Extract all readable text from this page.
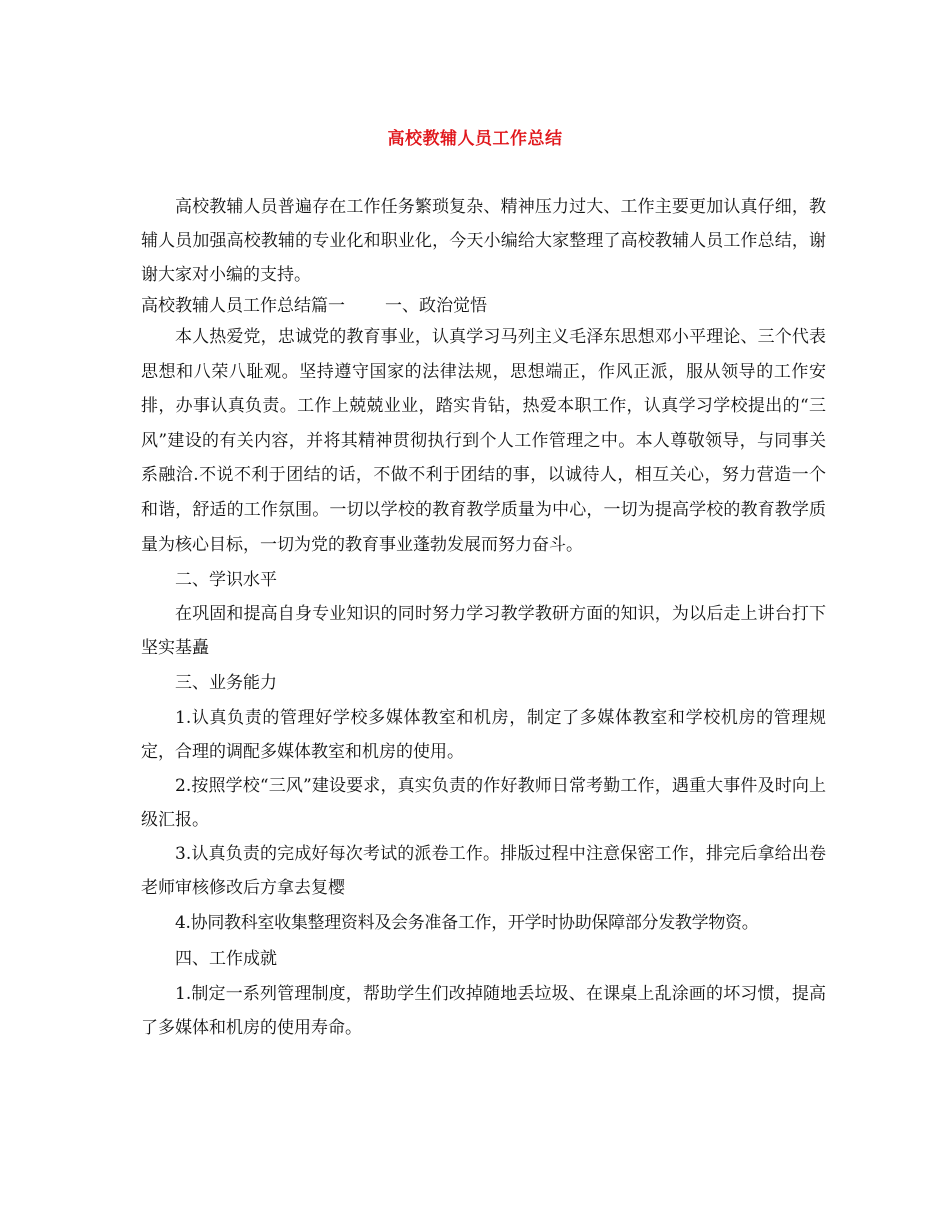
高校教辅人员工作总结

高校教辅人员普遍存在工作任务繁琐复杂、精神压力过大、工作主要更加认真仔细，教辅人员加强高校教辅的专业化和职业化，今天小编给大家整理了高校教辅人员工作总结，谢谢大家对小编的支持。

高校教辅人员工作总结篇一 一、政治觉悟

本人热爱党，忠诚党的教育事业，认真学习马列主义毛泽东思想邓小平理论、三个代表思想和八荣八耻观。坚持遵守国家的法律法规，思想端正，作风正派，服从领导的工作安排，办事认真负责。工作上兢兢业业，踏实肯钻，热爱本职工作，认真学习学校提出的“三风”建设的有关内容，并将其精神贯彻执行到个人工作管理之中。本人尊敬领导，与同事关系融洽.不说不利于团结的话，不做不利于团结的事，以诚待人，相互关心，努力营造一个和谐，舒适的工作氛围。一切以学校的教育教学质量为中心，一切为提高学校的教育教学质量为核心目标，一切为党的教育事业蓬勃发展而努力奋斗。

二、学识水平

在巩固和提高自身专业知识的同时努力学习教学教研方面的知识，为以后走上讲台打下坚实基矗

三、业务能力

1.认真负责的管理好学校多媒体教室和机房，制定了多媒体教室和学校机房的管理规定，合理的调配多媒体教室和机房的使用。

2.按照学校“三风”建设要求，真实负责的作好教师日常考勤工作，遇重大事件及时向上级汇报。

3.认真负责的完成好每次考试的派卷工作。排版过程中注意保密工作，排完后拿给出卷老师审核修改后方拿去复樱

4.协同教科室收集整理资料及会务准备工作，开学时协助保障部分发教学物资。

四、工作成就

1.制定一系列管理制度，帮助学生们改掉随地丢垃圾、在课桌上乱涂画的坏习惯，提高了多媒体和机房的使用寿命。
